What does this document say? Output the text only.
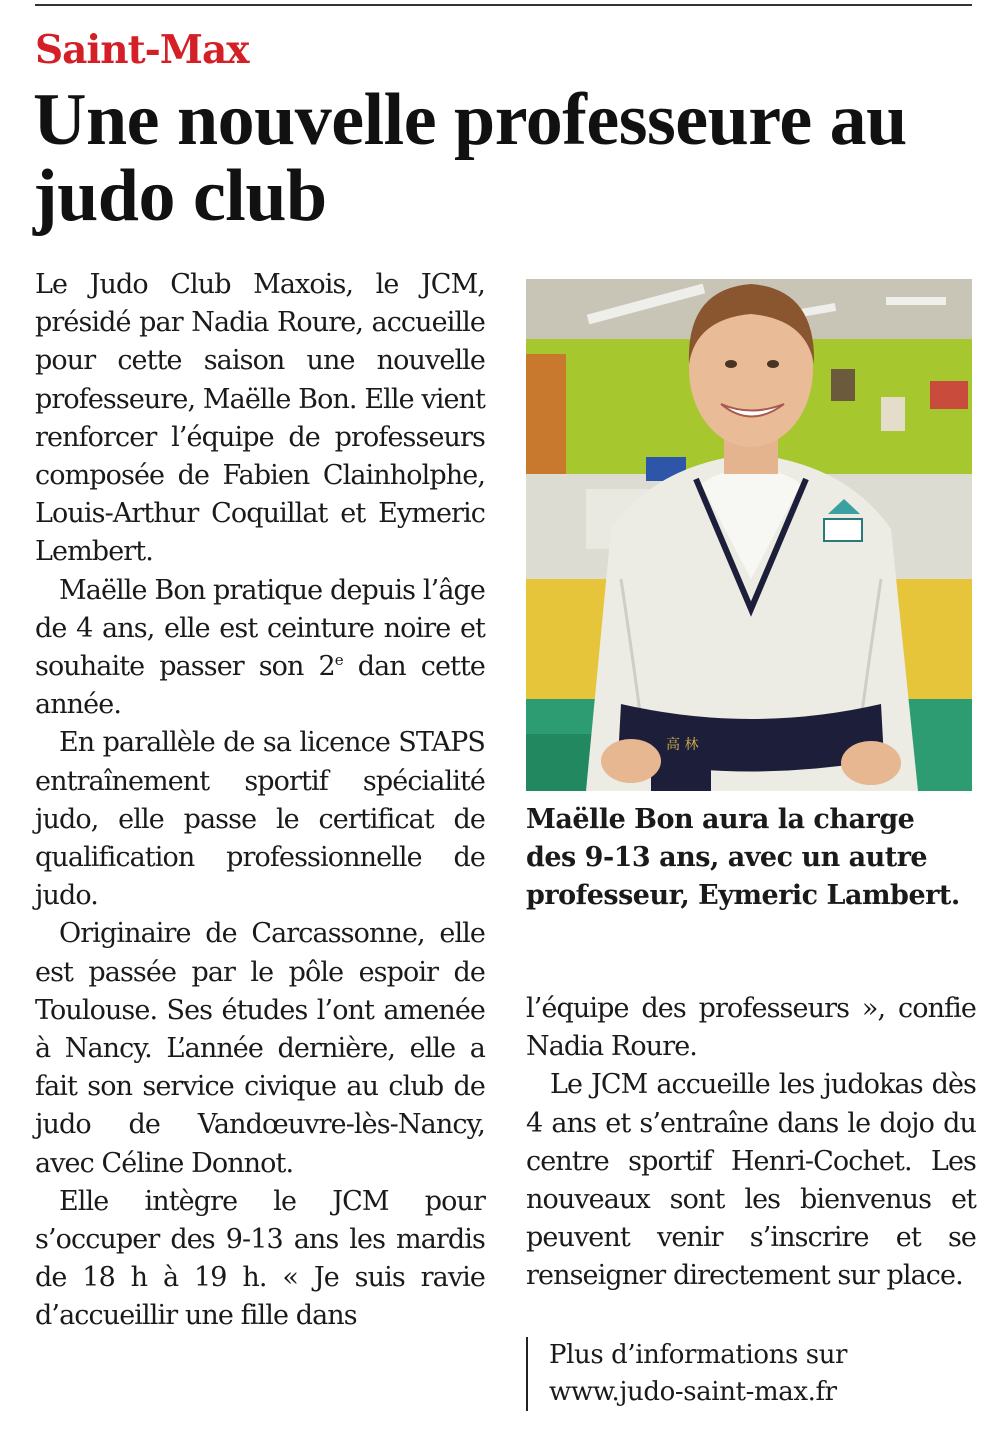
Saint-Max
Une nouvelle professeure au judo club

Le Judo Club Maxois, le JCM, présidé par Nadia Roure, accueille pour cette saison une nouvelle professeure, Maëlle Bon. Elle vient renforcer l’équipe de professeurs composée de Fabien Clainholphe, Louis-Arthur Coquillat et Eymeric Lembert.

Maëlle Bon pratique depuis l’âge de 4 ans, elle est ceinture noire et souhaite passer son 2e dan cette année.

En parallèle de sa licence STAPS entraînement sportif spécialité judo, elle passe le certificat de qualification professionnelle de judo.

Originaire de Carcassonne, elle est passée par le pôle espoir de Toulouse. Ses études l’ont amenée à Nancy. L’année dernière, elle a fait son service civique au club de judo de Vandœuvre-lès-Nancy, avec Céline Donnot.

Elle intègre le JCM pour s’occuper des 9-13 ans les mardis de 18 h à 19 h. « Je suis ravie d’accueillir une fille dans

高 林

Maëlle Bon aura la charge des 9-13 ans, avec un autre professeur, Eymeric Lambert.

l’équipe des professeurs », confie Nadia Roure.

Le JCM accueille les judokas dès 4 ans et s’entraîne dans le dojo du centre sportif Henri-Cochet. Les nouveaux sont les bienvenus et peuvent venir s’inscrire et se renseigner directement sur place.

Plus d’informations sur

www.judo-saint-max.fr
